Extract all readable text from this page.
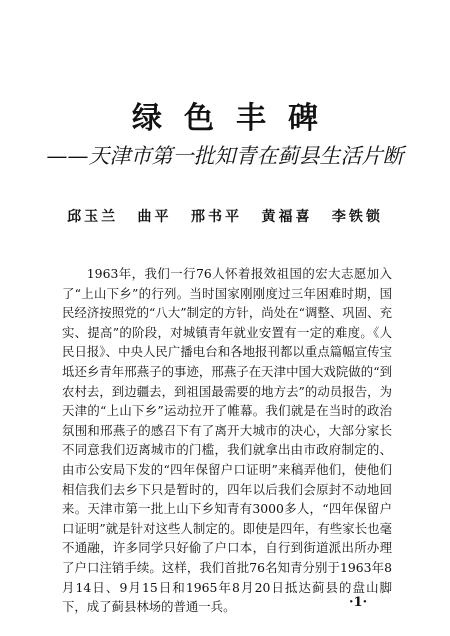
绿色丰碑
——天津市第一批知青在蓟县生活片断
邱玉兰 曲平 邢书平 黄福喜 李铁锁

1963年，我们一行76人怀着报效祖国的宏大志愿加入了“上山下乡”的行列。当时国家刚刚度过三年困难时期，国民经济按照党的“八大”制定的方针，尚处在“调整、巩固、充实、提高”的阶段，对城镇青年就业安置有一定的难度。《人民日报》、中央人民广播电台和各地报刊都以重点篇幅宣传宝坻还乡青年邢燕子的事迹，邢燕子在天津中国大戏院做的“到农村去，到边疆去，到祖国最需要的地方去”的动员报告，为天津的“上山下乡”运动拉开了帷幕。我们就是在当时的政治氛围和邢燕子的感召下有了离开大城市的决心，大部分家长不同意我们迈离城市的门槛，我们就拿出由市政府制定的、由市公安局下发的“四年保留户口证明”来稿弄他们，使他们相信我们去乡下只是暂时的，四年以后我们会原封不动地回来。天津市第一批上山下乡知青有3000多人，“四年保留户口证明”就是针对这些人制定的。即使是四年，有些家长也毫不通融，许多同学只好偷了户口本，自行到街道派出所办理了户口注销手续。这样，我们首批76名知青分别于1963年8月14日、9月15日和1965年8月20日抵达蓟县的盘山脚下，成了蓟县林场的普通一兵。	·1·
